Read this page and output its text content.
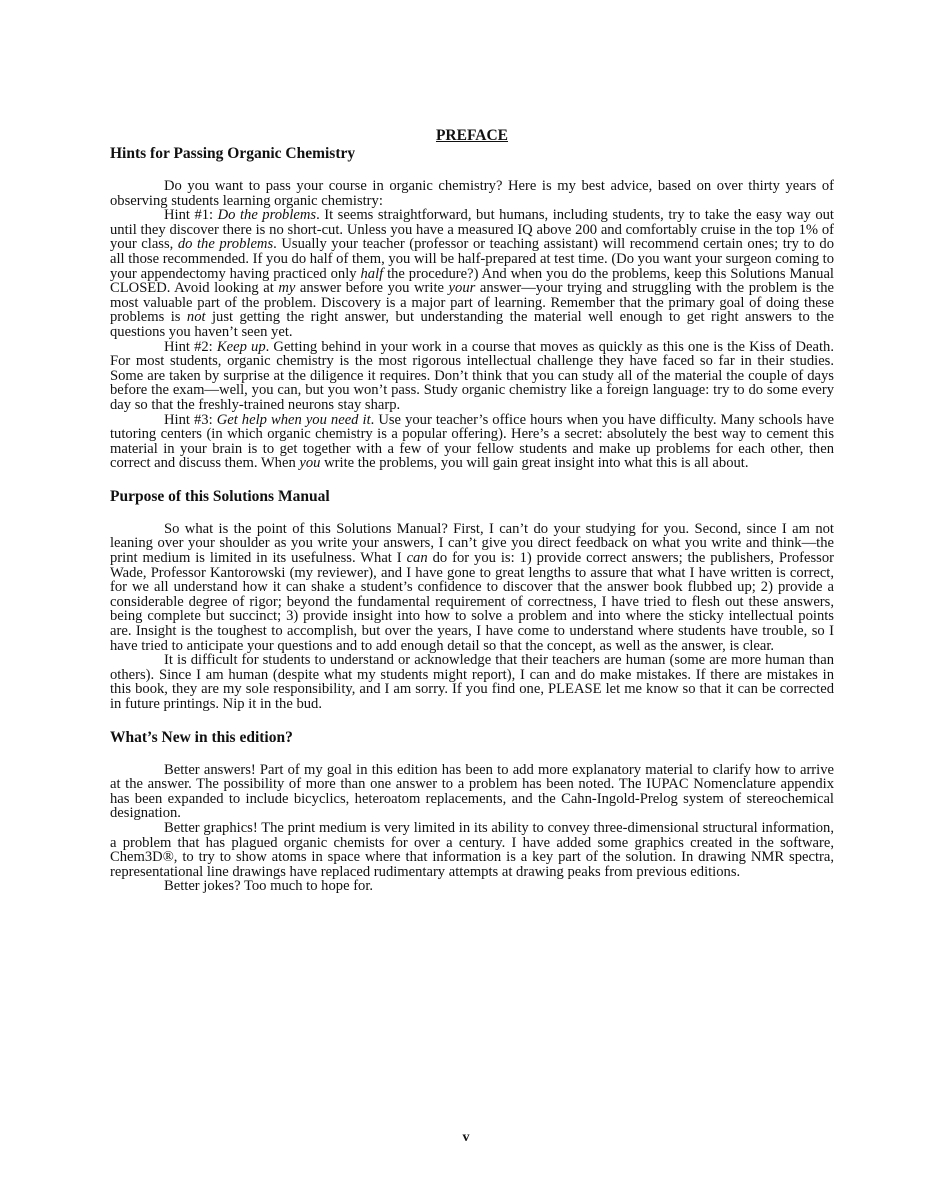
PREFACE
Hints for Passing Organic Chemistry

Do you want to pass your course in organic chemistry? Here is my best advice, based on over thirty years of observing students learning organic chemistry:

Hint #1: Do the problems. It seems straightforward, but humans, including students, try to take the easy way out until they discover there is no short-cut. Unless you have a measured IQ above 200 and comfortably cruise in the top 1% of your class, do the problems. Usually your teacher (professor or teaching assistant) will recommend certain ones; try to do all those recommended. If you do half of them, you will be half-prepared at test time. (Do you want your surgeon coming to your appendectomy having practiced only half the procedure?) And when you do the problems, keep this Solutions Manual CLOSED. Avoid looking at my answer before you write your answer—your trying and struggling with the problem is the most valuable part of the problem. Discovery is a major part of learning. Remember that the primary goal of doing these problems is not just getting the right answer, but understanding the material well enough to get right answers to the questions you haven’t seen yet.

Hint #2: Keep up. Getting behind in your work in a course that moves as quickly as this one is the Kiss of Death. For most students, organic chemistry is the most rigorous intellectual challenge they have faced so far in their studies. Some are taken by surprise at the diligence it requires. Don’t think that you can study all of the material the couple of days before the exam—well, you can, but you won’t pass. Study organic chemistry like a foreign language: try to do some every day so that the freshly-trained neurons stay sharp.

Hint #3: Get help when you need it. Use your teacher’s office hours when you have difficulty. Many schools have tutoring centers (in which organic chemistry is a popular offering). Here’s a secret: absolutely the best way to cement this material in your brain is to get together with a few of your fellow students and make up problems for each other, then correct and discuss them. When you write the problems, you will gain great insight into what this is all about.

Purpose of this Solutions Manual

So what is the point of this Solutions Manual? First, I can’t do your studying for you. Second, since I am not leaning over your shoulder as you write your answers, I can’t give you direct feedback on what you write and think—the print medium is limited in its usefulness. What I can do for you is: 1) provide correct answers; the publishers, Professor Wade, Professor Kantorowski (my reviewer), and I have gone to great lengths to assure that what I have written is correct, for we all understand how it can shake a student’s confidence to discover that the answer book flubbed up; 2) provide a considerable degree of rigor; beyond the fundamental requirement of correctness, I have tried to flesh out these answers, being complete but succinct; 3) provide insight into how to solve a problem and into where the sticky intellectual points are. Insight is the toughest to accomplish, but over the years, I have come to understand where students have trouble, so I have tried to anticipate your questions and to add enough detail so that the concept, as well as the answer, is clear.

It is difficult for students to understand or acknowledge that their teachers are human (some are more human than others). Since I am human (despite what my students might report), I can and do make mistakes. If there are mistakes in this book, they are my sole responsibility, and I am sorry. If you find one, PLEASE let me know so that it can be corrected in future printings. Nip it in the bud.

What’s New in this edition?

Better answers! Part of my goal in this edition has been to add more explanatory material to clarify how to arrive at the answer. The possibility of more than one answer to a problem has been noted. The IUPAC Nomenclature appendix has been expanded to include bicyclics, heteroatom replacements, and the Cahn-Ingold-Prelog system of stereochemical designation.

Better graphics! The print medium is very limited in its ability to convey three-dimensional structural information, a problem that has plagued organic chemists for over a century. I have added some graphics created in the software, Chem3D®, to try to show atoms in space where that information is a key part of the solution. In drawing NMR spectra, representational line drawings have replaced rudimentary attempts at drawing peaks from previous editions.

Better jokes? Too much to hope for.

v
